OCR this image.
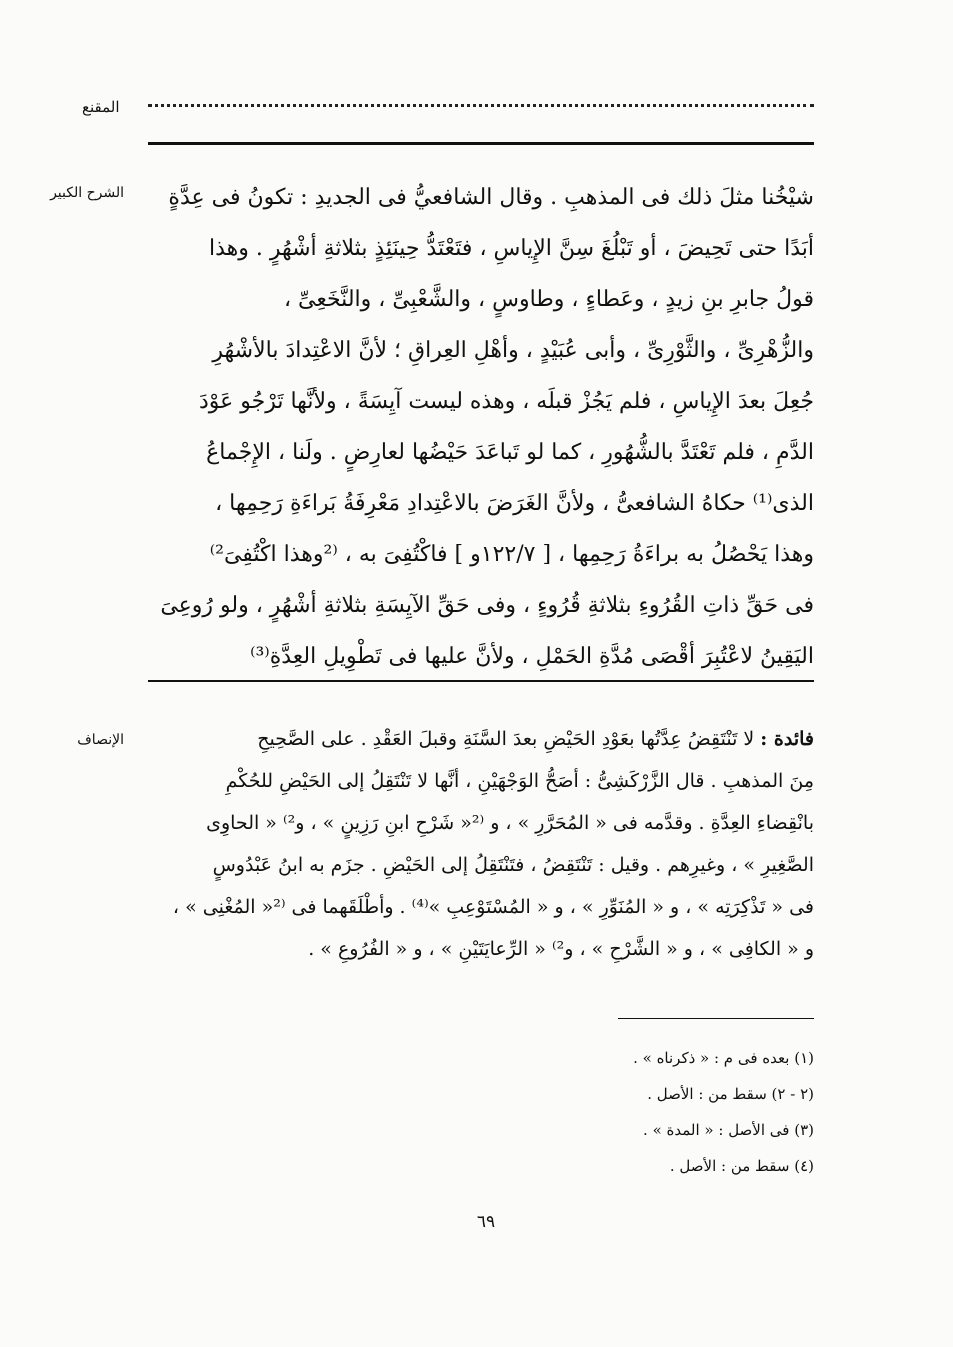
المقنع
الشرح الكبير	شيْخُنا مثلَ ذلك فى المذهبِ . وقال الشافعيُّ فى الجديدِ : تكونُ فى عِدَّةٍ
أبَدًا حتى تَحِيضَ ، أو تَبْلُغَ سِنَّ الإِياسِ ، فتَعْتَدُّ حِينَئِذٍ بثلاثةِ أشْهُرٍ . وهذا
قولُ جابرِ بنِ زيدٍ ، وعَطاءٍ ، وطاوسٍ ، والشَّعْبِىِّ ، والنَّخَعِىِّ ،
والزُّهْرِىِّ ، والثَّوْرِىِّ ، وأبى عُبَيْدٍ ، وأهْلِ العِراقِ ؛ لأنَّ الاعْتِدادَ بالأشْهُرِ
جُعِلَ بعدَ الإِياسِ ، فلم يَجُزْ قبلَه ، وهذه ليست آيِسَةً ، ولأنَّها تَرْجُو عَوْدَ
الدَّمِ ، فلم تَعْتَدَّ بالشُّهُورِ ، كما لو تَباعَدَ حَيْضُها لعارِضٍ . ولَنا ، الإِجْماعُ
الذى⁽¹⁾ حكاهُ الشافعىُّ ، ولأنَّ الغَرَضَ بالاعْتِدادِ مَعْرِفَةُ بَراءَةِ رَحِمِها ،
وهذا يَحْصُلُ به براءَةُ رَحِمِها ، [ ١٢٢/٧و ] فاكْتُفِىَ به ، ⁽²وهذا اكْتُفِىَ²⁾
فى حَقِّ ذاتِ القُرُوءِ بثلاثةِ قُرُوءٍ ، وفى حَقِّ الآيِسَةِ بثلاثةِ أشْهُرٍ ، ولو رُوعِىَ
اليَقِينُ لاعْتُبِرَ أقْصَى مُدَّةِ الحَمْلِ ، ولأنَّ عليها فى تَطْوِيلِ العِدَّةِ⁽³⁾
الإنصاف	فائدة : لا تَنْتَقِضُ عِدَّتُها بعَوْدِ الحَيْضِ بعدَ السَّنَةِ وقبلَ العَقْدِ . على الصَّحِيحِ
مِنَ المذهبِ . قال الزَّرْكَشِىُّ : أصَحُّ الوَجْهَيْنِ ، أنَّها لا تَنْتَقِلُ إلى الحَيْضِ للحُكْمِ
بانْقِضاءِ العِدَّةِ . وقدَّمه فى « المُحَرَّرِ » ، و ⁽²« شَرْحِ ابنِ رَزِينٍ » ، و²⁾ « الحاوِى
الصَّغِيرِ » ، وغيرِهم . وقيل : تَنْتَقِضُ ، فتَنْتَقِلُ إلى الحَيْضِ . جزَم به ابنُ عَبْدُوسٍ
فى « تَذْكِرَتِه » ، و « المُنَوِّرِ » ، و « المُسْتَوْعِبِ »⁽⁴⁾ . وأطْلَقَهما فى ⁽²« المُغْنِى » ،
و « الكافِى » ، و « الشَّرْحِ » ، و²⁾ « الرِّعايَتَيْنِ » ، و « الفُرُوعِ » .
(١) بعده فى م : « ذكرناه » .
(٢ - ٢) سقط من : الأصل .
(٣) فى الأصل : « المدة » .
(٤) سقط من : الأصل .
٦٩
